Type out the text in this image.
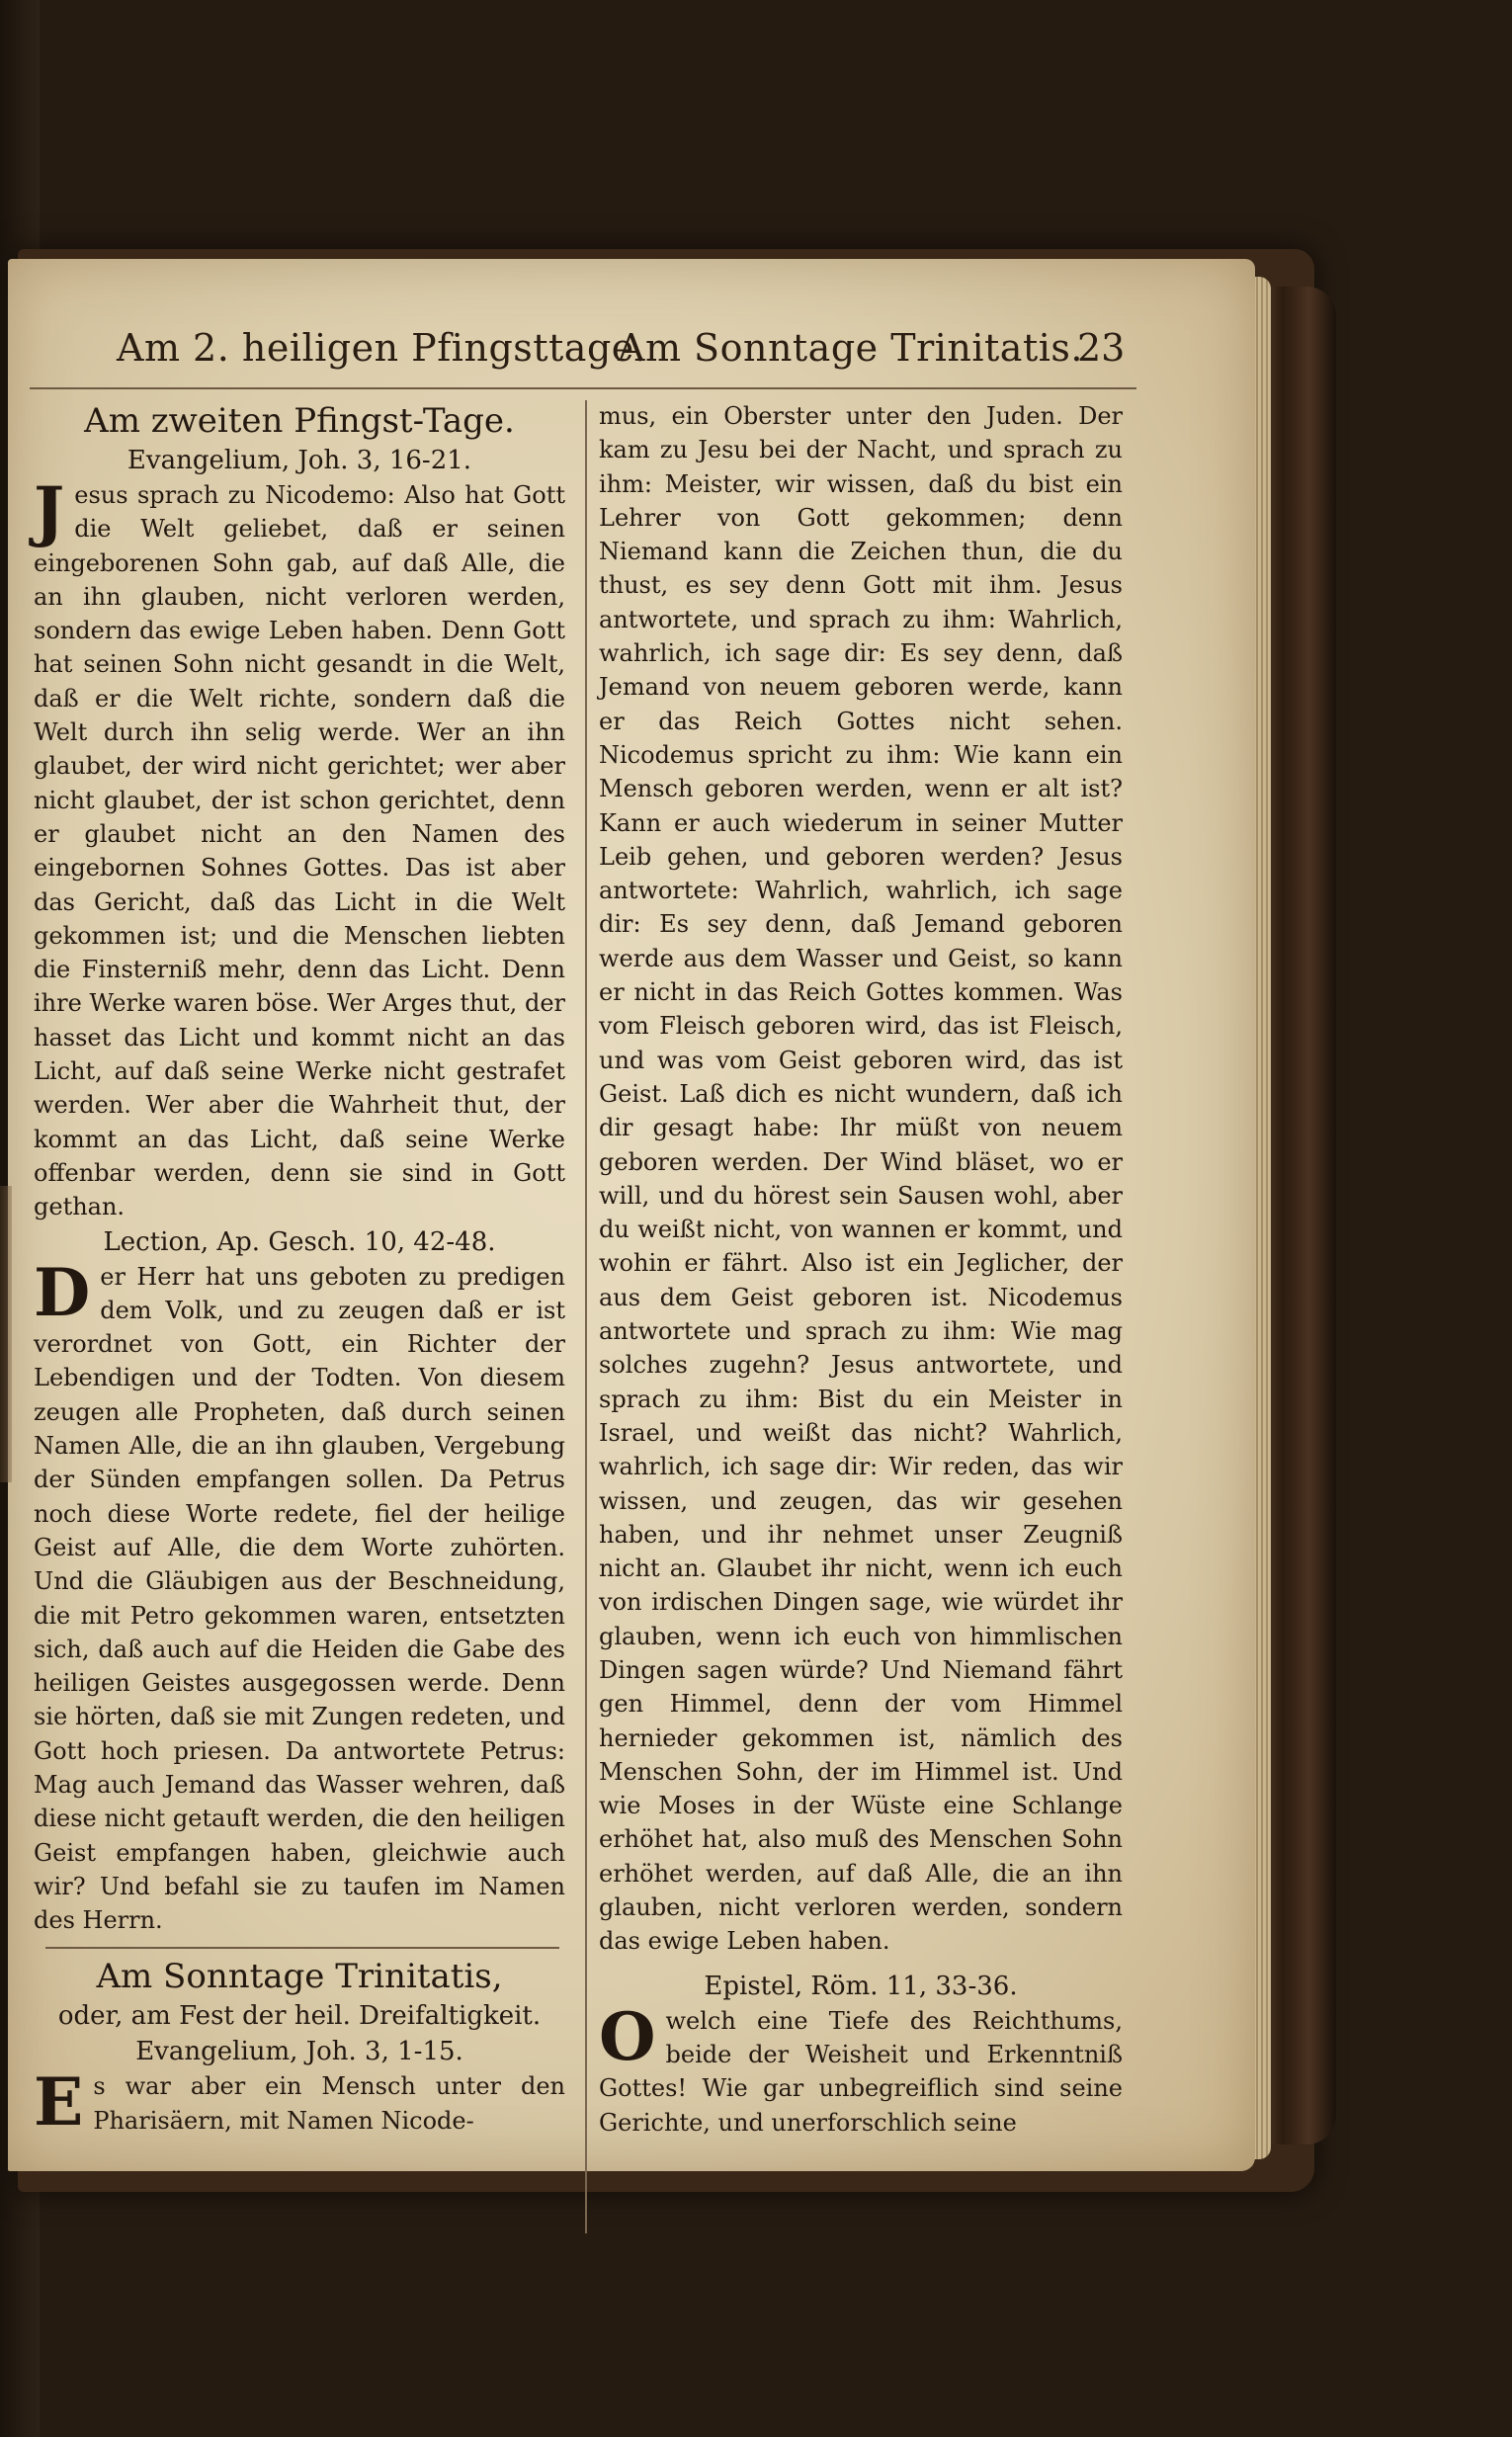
Am 2. heiligen Pfingsttage.
Am Sonntage Trinitatis.
23

Am zweiten Pfingst-Tage.

Evangelium, Joh. 3, 16-21.

Jesus sprach zu Nicodemo: Also hat Gott die Welt geliebet, daß er seinen eingeborenen Sohn gab, auf daß Alle, die an ihn glauben, nicht verloren werden, sondern das ewige Leben haben. Denn Gott hat seinen Sohn nicht gesandt in die Welt, daß er die Welt richte, sondern daß die Welt durch ihn selig werde. Wer an ihn glaubet, der wird nicht gerichtet; wer aber nicht glaubet, der ist schon gerichtet, denn er glaubet nicht an den Namen des eingebornen Sohnes Gottes. Das ist aber das Gericht, daß das Licht in die Welt gekommen ist; und die Menschen liebten die Finsterniß mehr, denn das Licht. Denn ihre Werke waren böse. Wer Arges thut, der hasset das Licht und kommt nicht an das Licht, auf daß seine Werke nicht gestrafet werden. Wer aber die Wahrheit thut, der kommt an das Licht, daß seine Werke offenbar werden, denn sie sind in Gott gethan.

Lection, Ap. Gesch. 10, 42-48.

Der Herr hat uns geboten zu predigen dem Volk, und zu zeugen daß er ist verordnet von Gott, ein Richter der Lebendigen und der Todten. Von diesem zeugen alle Propheten, daß durch seinen Namen Alle, die an ihn glauben, Vergebung der Sünden empfangen sollen. Da Petrus noch diese Worte redete, fiel der heilige Geist auf Alle, die dem Worte zuhörten. Und die Gläubigen aus der Beschneidung, die mit Petro gekommen waren, entsetzten sich, daß auch auf die Heiden die Gabe des heiligen Geistes ausgegossen werde. Denn sie hörten, daß sie mit Zungen redeten, und Gott hoch priesen. Da antwortete Petrus: Mag auch Jemand das Wasser wehren, daß diese nicht getauft werden, die den heiligen Geist empfangen haben, gleichwie auch wir? Und befahl sie zu taufen im Namen des Herrn.

Am Sonntage Trinitatis,

oder, am Fest der heil. Dreifaltigkeit.

Evangelium, Joh. 3, 1-15.

Es war aber ein Mensch unter den Pharisäern, mit Namen Nicode-

mus, ein Oberster unter den Juden. Der kam zu Jesu bei der Nacht, und sprach zu ihm: Meister, wir wissen, daß du bist ein Lehrer von Gott gekommen; denn Niemand kann die Zeichen thun, die du thust, es sey denn Gott mit ihm. Jesus antwortete, und sprach zu ihm: Wahrlich, wahrlich, ich sage dir: Es sey denn, daß Jemand von neuem geboren werde, kann er das Reich Gottes nicht sehen. Nicodemus spricht zu ihm: Wie kann ein Mensch geboren werden, wenn er alt ist? Kann er auch wiederum in seiner Mutter Leib gehen, und geboren werden? Jesus antwortete: Wahrlich, wahrlich, ich sage dir: Es sey denn, daß Jemand geboren werde aus dem Wasser und Geist, so kann er nicht in das Reich Gottes kommen. Was vom Fleisch geboren wird, das ist Fleisch, und was vom Geist geboren wird, das ist Geist. Laß dich es nicht wundern, daß ich dir gesagt habe: Ihr müßt von neuem geboren werden. Der Wind bläset, wo er will, und du hörest sein Sausen wohl, aber du weißt nicht, von wannen er kommt, und wohin er fährt. Also ist ein Jeglicher, der aus dem Geist geboren ist. Nicodemus antwortete und sprach zu ihm: Wie mag solches zugehn? Jesus antwortete, und sprach zu ihm: Bist du ein Meister in Israel, und weißt das nicht? Wahrlich, wahrlich, ich sage dir: Wir reden, das wir wissen, und zeugen, das wir gesehen haben, und ihr nehmet unser Zeugniß nicht an. Glaubet ihr nicht, wenn ich euch von irdischen Dingen sage, wie würdet ihr glauben, wenn ich euch von himmlischen Dingen sagen würde? Und Niemand fährt gen Himmel, denn der vom Himmel hernieder gekommen ist, nämlich des Menschen Sohn, der im Himmel ist. Und wie Moses in der Wüste eine Schlange erhöhet hat, also muß des Menschen Sohn erhöhet werden, auf daß Alle, die an ihn glauben, nicht verloren werden, sondern das ewige Leben haben.

Epistel, Röm. 11, 33-36.

Owelch eine Tiefe des Reichthums, beide der Weisheit und Erkenntniß Gottes! Wie gar unbegreiflich sind seine Gerichte, und unerforschlich seine
